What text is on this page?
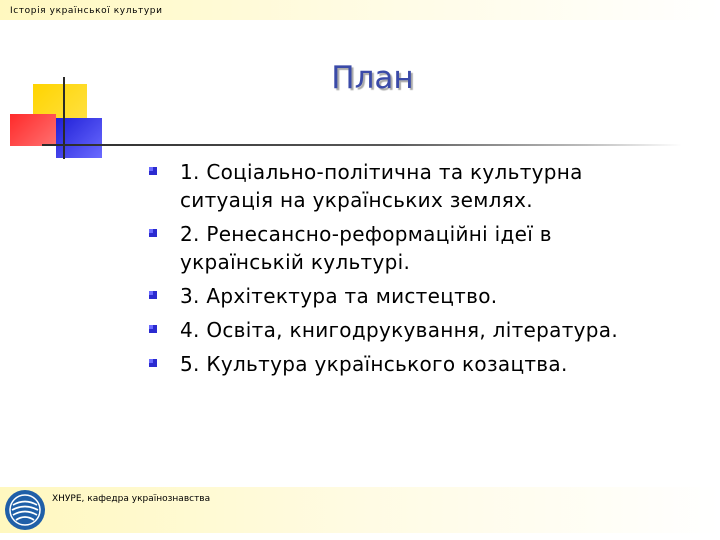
Історія української культури
План
1. Соціально-політична та культурна ситуація на українських землях.
2. Ренесансно-реформаційні ідеї в українській культурі.
3. Архітектура та мистецтво.
4. Освіта, книгодрукування, література.
5. Культура українського козацтва.
ХНУРЕ, кафедра українознавства
